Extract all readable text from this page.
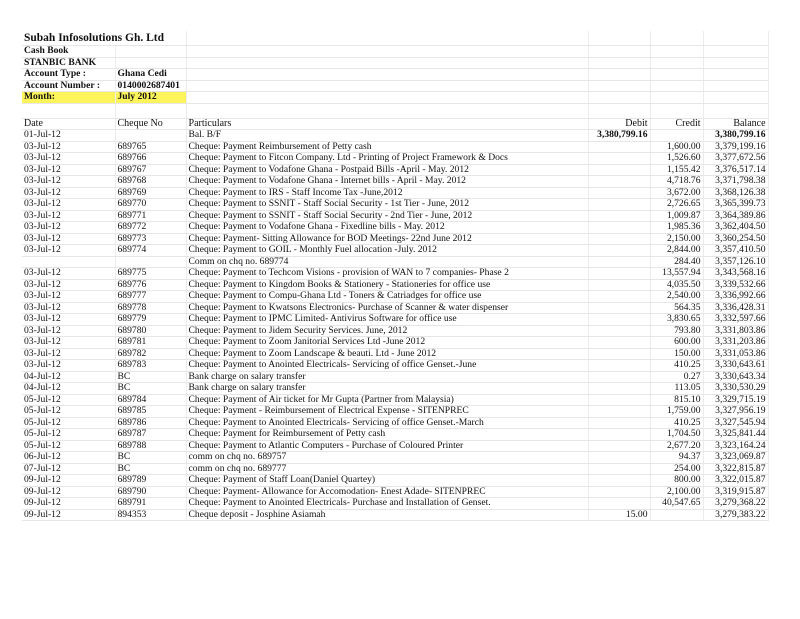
Subah Infosolutions Gh. Ltd					
Cash Book					
STANBIC BANK					
Account Type :	Ghana Cedi				
Account Number :	0140002687401				
Month:	July 2012				

Date	Cheque No	Particulars	Debit	Credit	Balance
01-Jul-12		Bal. B/F	3,380,799.16		3,380,799.16
03-Jul-12	689765	Cheque: Payment Reimbursement of Petty cash		1,600.00	3,379,199.16
03-Jul-12	689766	Cheque: Payment to Fitcon Company. Ltd - Printing of Project Framework & Docs		1,526.60	3,377,672.56
03-Jul-12	689767	Cheque: Payment to Vodafone Ghana - Postpaid Bills -April - May. 2012		1,155.42	3,376,517.14
03-Jul-12	689768	Cheque: Payment to Vodafone Ghana - Internet bills - April - May. 2012		4,718.76	3,371,798.38
03-Jul-12	689769	Cheque: Payment to IRS - Staff Income Tax -June,2012		3,672.00	3,368,126.38
03-Jul-12	689770	Cheque: Payment to SSNIT - Staff Social Security - 1st Tier - June, 2012		2,726.65	3,365,399.73
03-Jul-12	689771	Cheque: Payment to SSNIT - Staff Social Security - 2nd Tier - June, 2012		1,009.87	3,364,389.86
03-Jul-12	689772	Cheque: Payment to Vodafone Ghana - Fixedline bills - May. 2012		1,985.36	3,362,404.50
03-Jul-12	689773	Cheque: Payment- Sitting Allowance for BOD Meetings- 22nd June 2012		2,150.00	3,360,254.50
03-Jul-12	689774	Cheque: Payment to GOIL - Monthly Fuel allocation -July. 2012		2,844.00	3,357,410.50
		Comm on chq no. 689774		284.40	3,357,126.10
03-Jul-12	689775	Cheque: Payment to Techcom Visions - provision of WAN to 7 companies- Phase 2		13,557.94	3,343,568.16
03-Jul-12	689776	Cheque: Payment to Kingdom Books & Stationery - Stationeries for office use		4,035.50	3,339,532.66
03-Jul-12	689777	Cheque: Payment to Compu-Ghana Ltd - Toners & Catriadges for office use		2,540.00	3,336,992.66
03-Jul-12	689778	Cheque: Payment to Kwatsons Electronics- Purchase of Scanner & water dispenser		564.35	3,336,428.31
03-Jul-12	689779	Cheque: Payment to IPMC Limited- Antivirus Software for office use		3,830.65	3,332,597.66
03-Jul-12	689780	Cheque: Payment to Jidem Security Services. June, 2012		793.80	3,331,803.86
03-Jul-12	689781	Cheque: Payment to Zoom Janitorial Services Ltd -June 2012		600.00	3,331,203.86
03-Jul-12	689782	Cheque: Payment to Zoom Landscape & beauti. Ltd - June 2012		150.00	3,331,053.86
03-Jul-12	689783	Cheque: Payment to Anointed Electricals- Servicing of office Genset.-June		410.25	3,330,643.61
04-Jul-12	BC	Bank charge on salary transfer		0.27	3,330,643.34
04-Jul-12	BC	Bank charge on salary transfer		113.05	3,330,530.29
05-Jul-12	689784	Cheque: Payment of Air ticket for Mr Gupta (Partner from Malaysia)		815.10	3,329,715.19
05-Jul-12	689785	Cheque: Payment - Reimbursement of Electrical Expense - SITENPREC		1,759.00	3,327,956.19
05-Jul-12	689786	Cheque: Payment to Anointed Electricals- Servicing of office Genset.-March		410.25	3,327,545.94
05-Jul-12	689787	Cheque: Payment for Reimbursement of Petty cash		1,704.50	3,325,841.44
05-Jul-12	689788	Cheque: Payment to Atlantic Computers - Purchase of Coloured Printer		2,677.20	3,323,164.24
06-Jul-12	BC	comm on chq no. 689757		94.37	3,323,069.87
07-Jul-12	BC	comm on chq no. 689777		254.00	3,322,815.87
09-Jul-12	689789	Cheque: Payment of Staff Loan(Daniel Quartey)		800.00	3,322,015.87
09-Jul-12	689790	Cheque: Payment- Allowance for Accomodation- Enest Adade- SITENPREC		2,100.00	3,319,915.87
09-Jul-12	689791	Cheque: Payment to Anointed Electricals- Purchase and Installation of Genset.		40,547.65	3,279,368.22
09-Jul-12	894353	Cheque deposit - Josphine Asiamah	15.00		3,279,383.22
